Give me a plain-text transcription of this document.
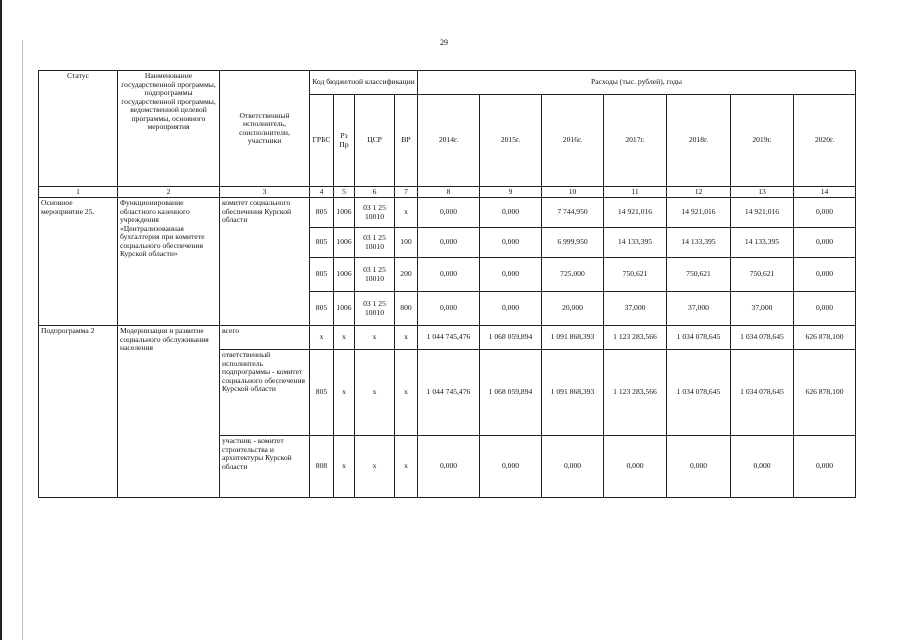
29
Статус	Наименование государственной программы, подпрограммы государственной программы, ведомственной целевой программы, основного мероприятия	Ответственный исполнитель, соисполнители, участники	Код бюджетной классификации				Расходы (тыс. рублей), годы						
			ГРБС	Рз Пр	ЦСР	ВР	2014г.	2015г.	2016г.	2017г.	2018г.	2019г.	2020г.
1	2	3	4	5	6	7	8	9	10	11	12	13	14
Основное мероприятие 25.	Функционирование областного казенного учреждения «Централизованная бухгалтерия при комитете социального обеспечения Курской области»	комитет социального обеспечения Курской области	805	1006	03 1 25 10010	х	0,000	0,000	7 744,950	14 921,016	14 921,016	14 921,016	0,000
			805	1006	03 1 25 10010	100	0,000	0,000	6 999,950	14 133,395	14 133,395	14 133,395	0,000
			805	1006	03 1 25 10010	200	0,000	0,000	725,000	750,621	750,621	750,621	0,000
			805	1006	03 1 25 10010	800	0,000	0,000	20,000	37,000	37,000	37,000	0,000
Подпрограмма 2	Модернизация и развитие социального обслуживания населения	всего	х	х	х	х	1 044 745,476	1 068 059,894	1 091 868,393	1 123 283,566	1 034 078,645	1 034 078,645	626 878,100
		ответственный исполнитель подпрограммы - комитет социального обеспечения Курской области	805	х	х	х	1 044 745,476	1 068 059,894	1 091 868,393	1 123 283,566	1 034 078,645	1 034 078,645	626 878,100
		участник - комитет строительства и архитектуры Курской области	808	х	х	х	0,000	0,000	0,000	0,000	0,000	0,000	0,000
